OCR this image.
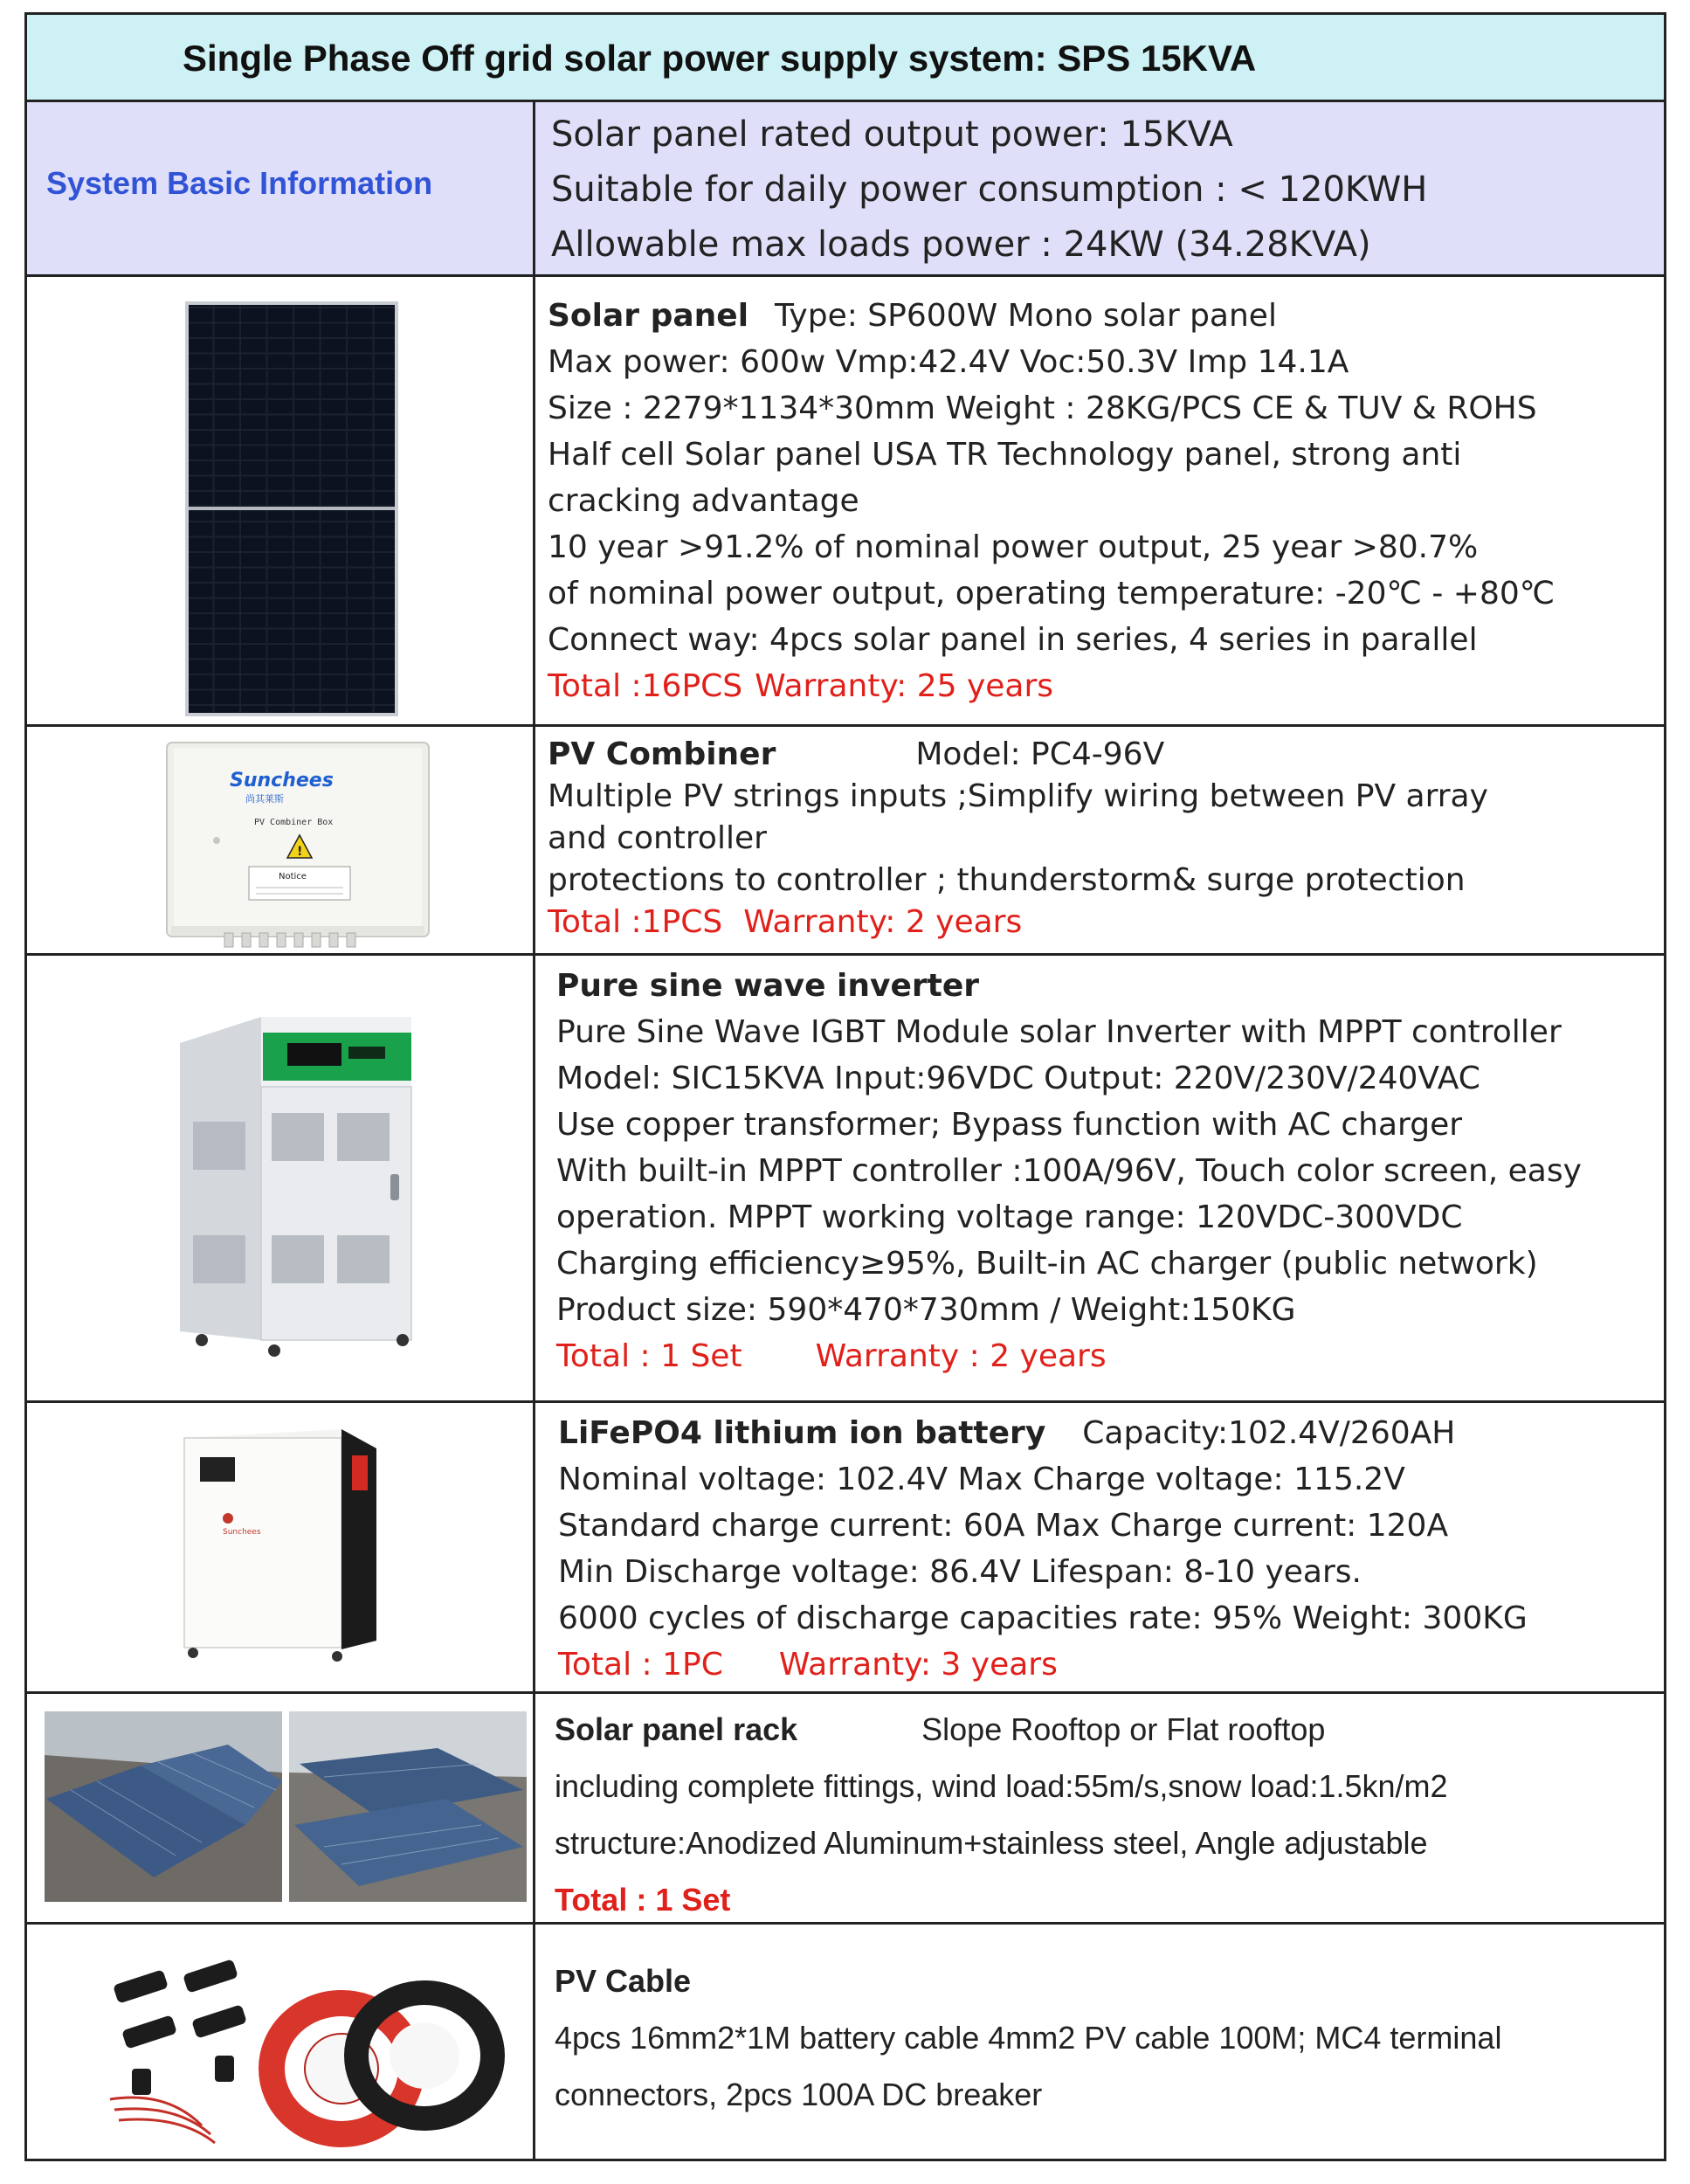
Single Phase Off grid solar power supply system: SPS 15KVA
System Basic Information
Solar panel rated output power: 15KVA
Suitable for daily power consumption : < 120KWH
Allowable max loads power : 24KW (34.28KVA)
Solar panel Type: SP600W Mono solar panel
Max power: 600w Vmp:42.4V Voc:50.3V Imp 14.1A
Size : 2279*1134*30mm Weight : 28KG/PCS CE & TUV & ROHS
Half cell Solar panel USA TR Technology panel, strong anti
cracking advantage
10 year >91.2% of nominal power output, 25 year >80.7%
of nominal power output, operating temperature: -20℃ - +80℃
Connect way: 4pcs solar panel in series, 4 series in parallel
Total :16PCS Warranty: 25 years
Sunchees
尚其莱斯
PV Combiner Box
!
Notice
PV Combiner	Model: PC4-96V
Multiple PV strings inputs ;Simplify wiring between PV array
and controller
protections to controller ; thunderstorm& surge protection
Total :1PCS Warranty: 2 years
Pure sine wave inverter
Pure Sine Wave IGBT Module solar Inverter with MPPT controller
Model: SIC15KVA Input:96VDC Output: 220V/230V/240VAC
Use copper transformer; Bypass function with AC charger
With built-in MPPT controller :100A/96V, Touch color screen, easy
operation. MPPT working voltage range: 120VDC-300VDC
Charging efficiency≥95%, Built-in AC charger (public network)
Product size: 590*470*730mm / Weight:150KG
Total : 1 Set Warranty : 2 years
Sunchees
LiFePO4 lithium ion battery Capacity:102.4V/260AH
Nominal voltage: 102.4V Max Charge voltage: 115.2V
Standard charge current: 60A Max Charge current: 120A
Min Discharge voltage: 86.4V Lifespan: 8-10 years.
6000 cycles of discharge capacities rate: 95% Weight: 300KG
Total : 1PC Warranty: 3 years
Solar panel rack	Slope Rooftop or Flat rooftop
including complete fittings, wind load:55m/s,snow load:1.5kn/m2
structure:Anodized Aluminum+stainless steel, Angle adjustable
Total : 1 Set
PV Cable
4pcs 16mm2*1M battery cable 4mm2 PV cable 100M; MC4 terminal
connectors, 2pcs 100A DC breaker
